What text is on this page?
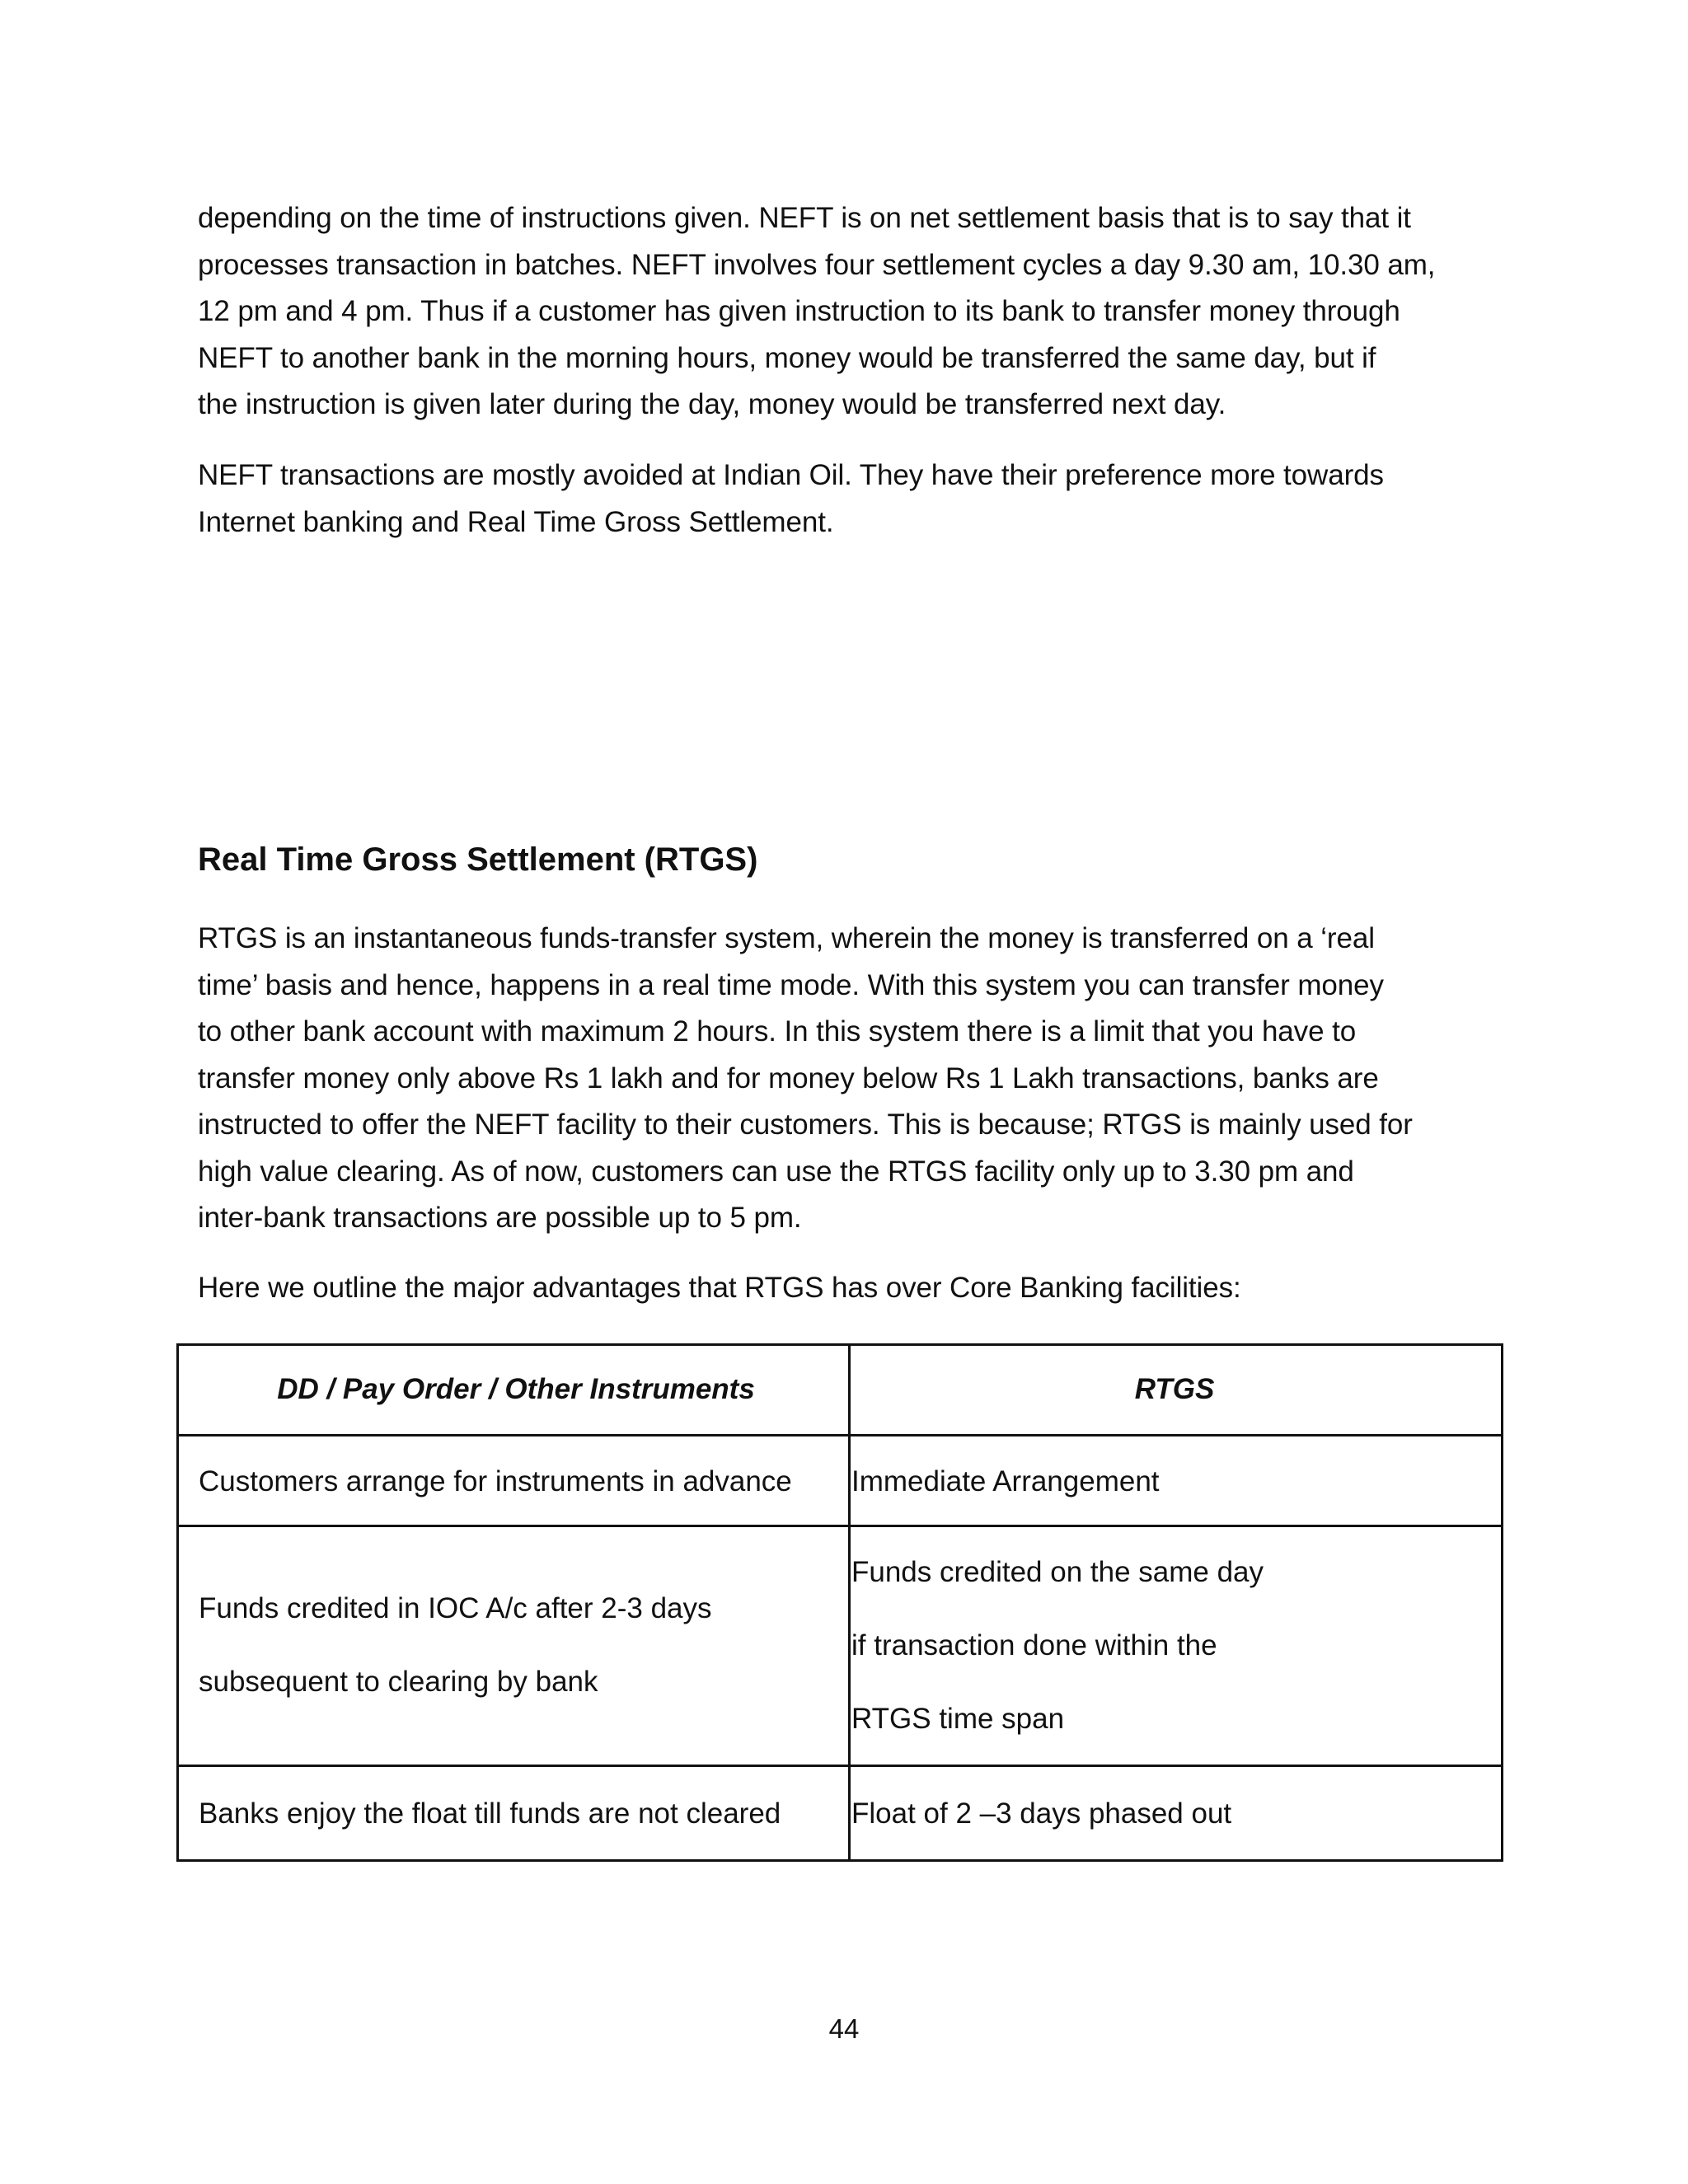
depending on the time of instructions given. NEFT is on net settlement basis that is to say that it
processes transaction in batches. NEFT involves four settlement cycles a day 9.30 am, 10.30 am,
12 pm and 4 pm. Thus if a customer has given instruction to its bank to transfer money through
NEFT to another bank in the morning hours, money would be transferred the same day, but if
the instruction is given later during the day, money would be transferred next day.

NEFT transactions are mostly avoided at Indian Oil. They have their preference more towards
Internet banking and Real Time Gross Settlement.

Real Time Gross Settlement (RTGS)

RTGS is an instantaneous funds-transfer system, wherein the money is transferred on a ‘real
time’ basis and hence, happens in a real time mode. With this system you can transfer money
to other bank account with maximum 2 hours. In this system there is a limit that you have to
transfer money only above Rs 1 lakh and for money below Rs 1 Lakh transactions, banks are
instructed to offer the NEFT facility to their customers. This is because; RTGS is mainly used for
high value clearing. As of now, customers can use the RTGS facility only up to 3.30 pm and
inter-bank transactions are possible up to 5 pm.

Here we outline the major advantages that RTGS has over Core Banking facilities:

DD / Pay Order / Other Instruments	RTGS
Customers arrange for instruments in advance Immediate Arrangement
Funds credited in IOC A/c after 2-3 days
subsequent to clearing by bank
Funds credited on the same day
if transaction done within the
RTGS time span
Banks enjoy the float till funds are not cleared Float of 2 –3 days phased out
44
